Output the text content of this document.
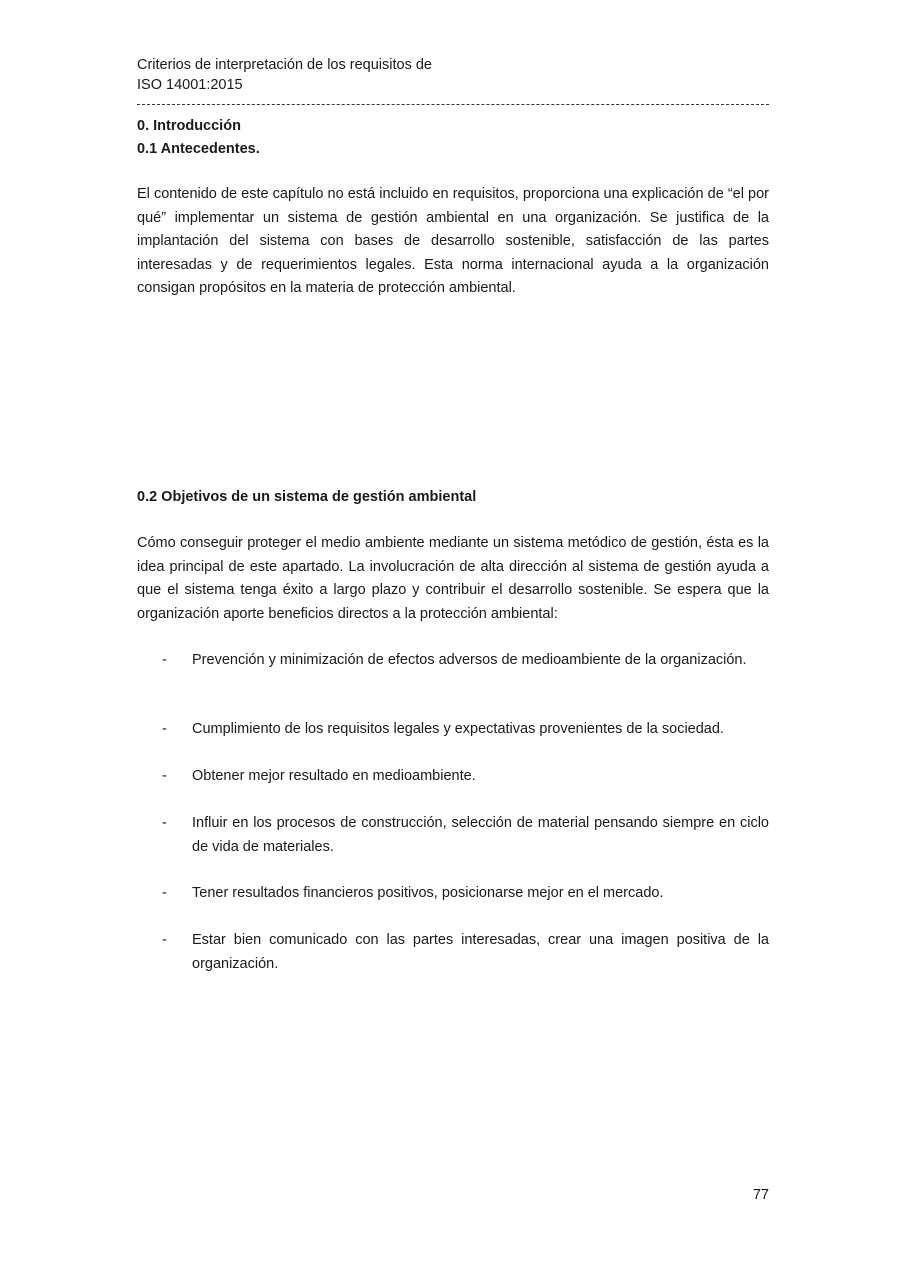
Criterios de interpretación de los requisitos de
ISO 14001:2015
0. Introducción
0.1 Antecedentes.

El contenido de este capítulo no está incluido en requisitos, proporciona una explicación de “el por qué” implementar un sistema de gestión ambiental en una organización. Se justifica de la implantación del sistema con bases de desarrollo sostenible, satisfacción de las partes interesadas y de requerimientos legales. Esta norma internacional ayuda a la organización consigan propósitos en la materia de protección ambiental.

0.2 Objetivos de un sistema de gestión ambiental

Cómo conseguir proteger el medio ambiente mediante un sistema metódico de gestión, ésta es la idea principal de este apartado. La involucración de alta dirección al sistema de gestión ayuda a que el sistema tenga éxito a largo plazo y contribuir el desarrollo sostenible. Se espera que la organización aporte beneficios directos a la protección ambiental:

-	Prevención y minimización de efectos adversos de medioambiente de la organización.
-	Cumplimiento de los requisitos legales y expectativas provenientes de la sociedad.
-	Obtener mejor resultado en medioambiente.
-	Influir en los procesos de construcción, selección de material pensando siempre en ciclo de vida de materiales.
-	Tener resultados financieros positivos, posicionarse mejor en el mercado.
-	Estar bien comunicado con las partes interesadas, crear una imagen positiva de la organización.
77
